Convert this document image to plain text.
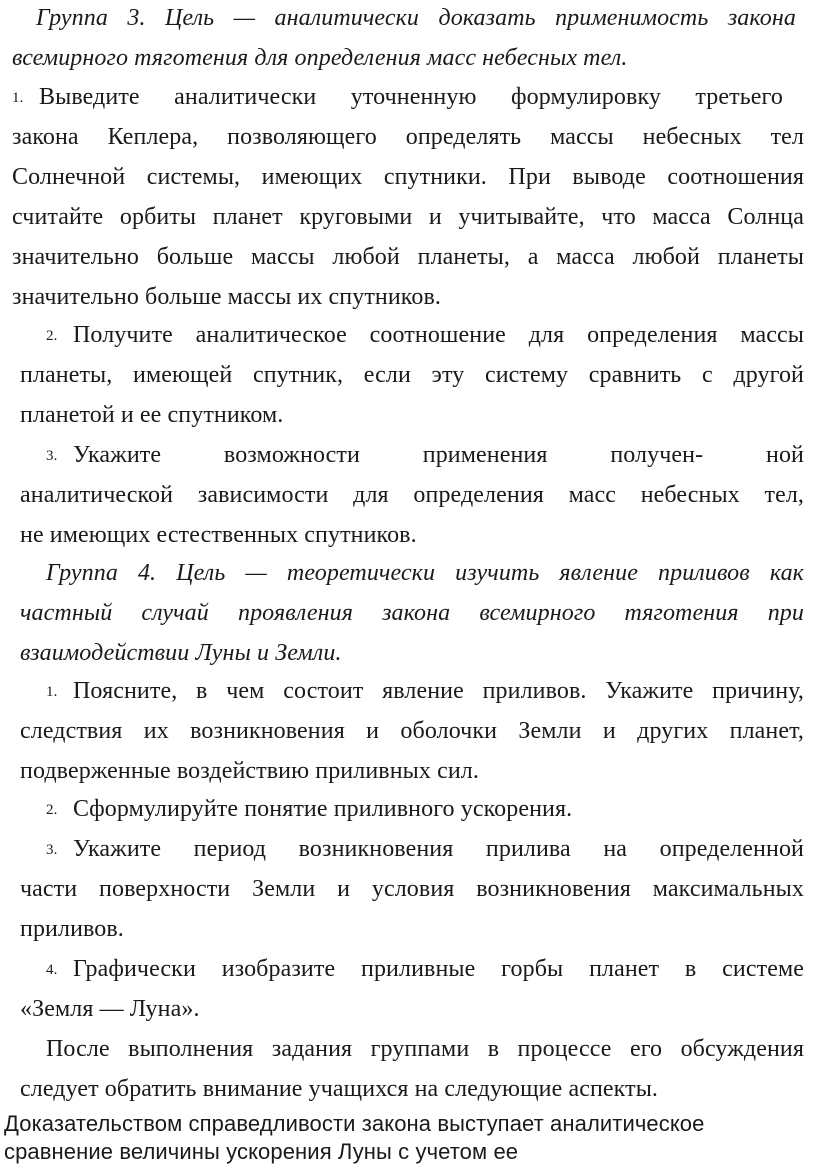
Группа 3. Цель — аналитически доказать применимость закона
всемирного тяготения для определения масс небесных тел.
1. Выведите аналитически уточненную формулировку третьего
закона Кеплера, позволяющего определять массы небесных тел
Солнечной системы, имеющих спутники. При выводе соотношения
считайте орбиты планет круговыми и учитывайте, что масса Солнца
значительно больше массы любой планеты, а масса любой планеты
значительно больше массы их спутников.
2. Получите аналитическое соотношение для определения массы
планеты, имеющей спутник, если эту систему сравнить с другой
планетой и ее спутником.
3. Укажите возможности применения получен- ной
аналитической зависимости для определения масс небесных тел,
не имеющих естественных спутников.
Группа 4. Цель — теоретически изучить явление приливов как
частный случай проявления закона всемирного тяготения при
взаимодействии Луны и Земли.
1. Поясните, в чем состоит явление приливов. Укажите причину,
следствия их возникновения и оболочки Земли и других планет,
подверженные воздействию приливных сил.
2. Сформулируйте понятие приливного ускорения.
3. Укажите период возникновения прилива на определенной
части поверхности Земли и условия возникновения максимальных
приливов.
4. Графически изобразите приливные горбы планет в системе
«Земля — Луна».
После выполнения задания группами в процессе его обсуждения
следует обратить внимание учащихся на следующие аспекты.
Доказательством справедливости закона выступает аналитическое
сравнение величины ускорения Луны с учетом ее
